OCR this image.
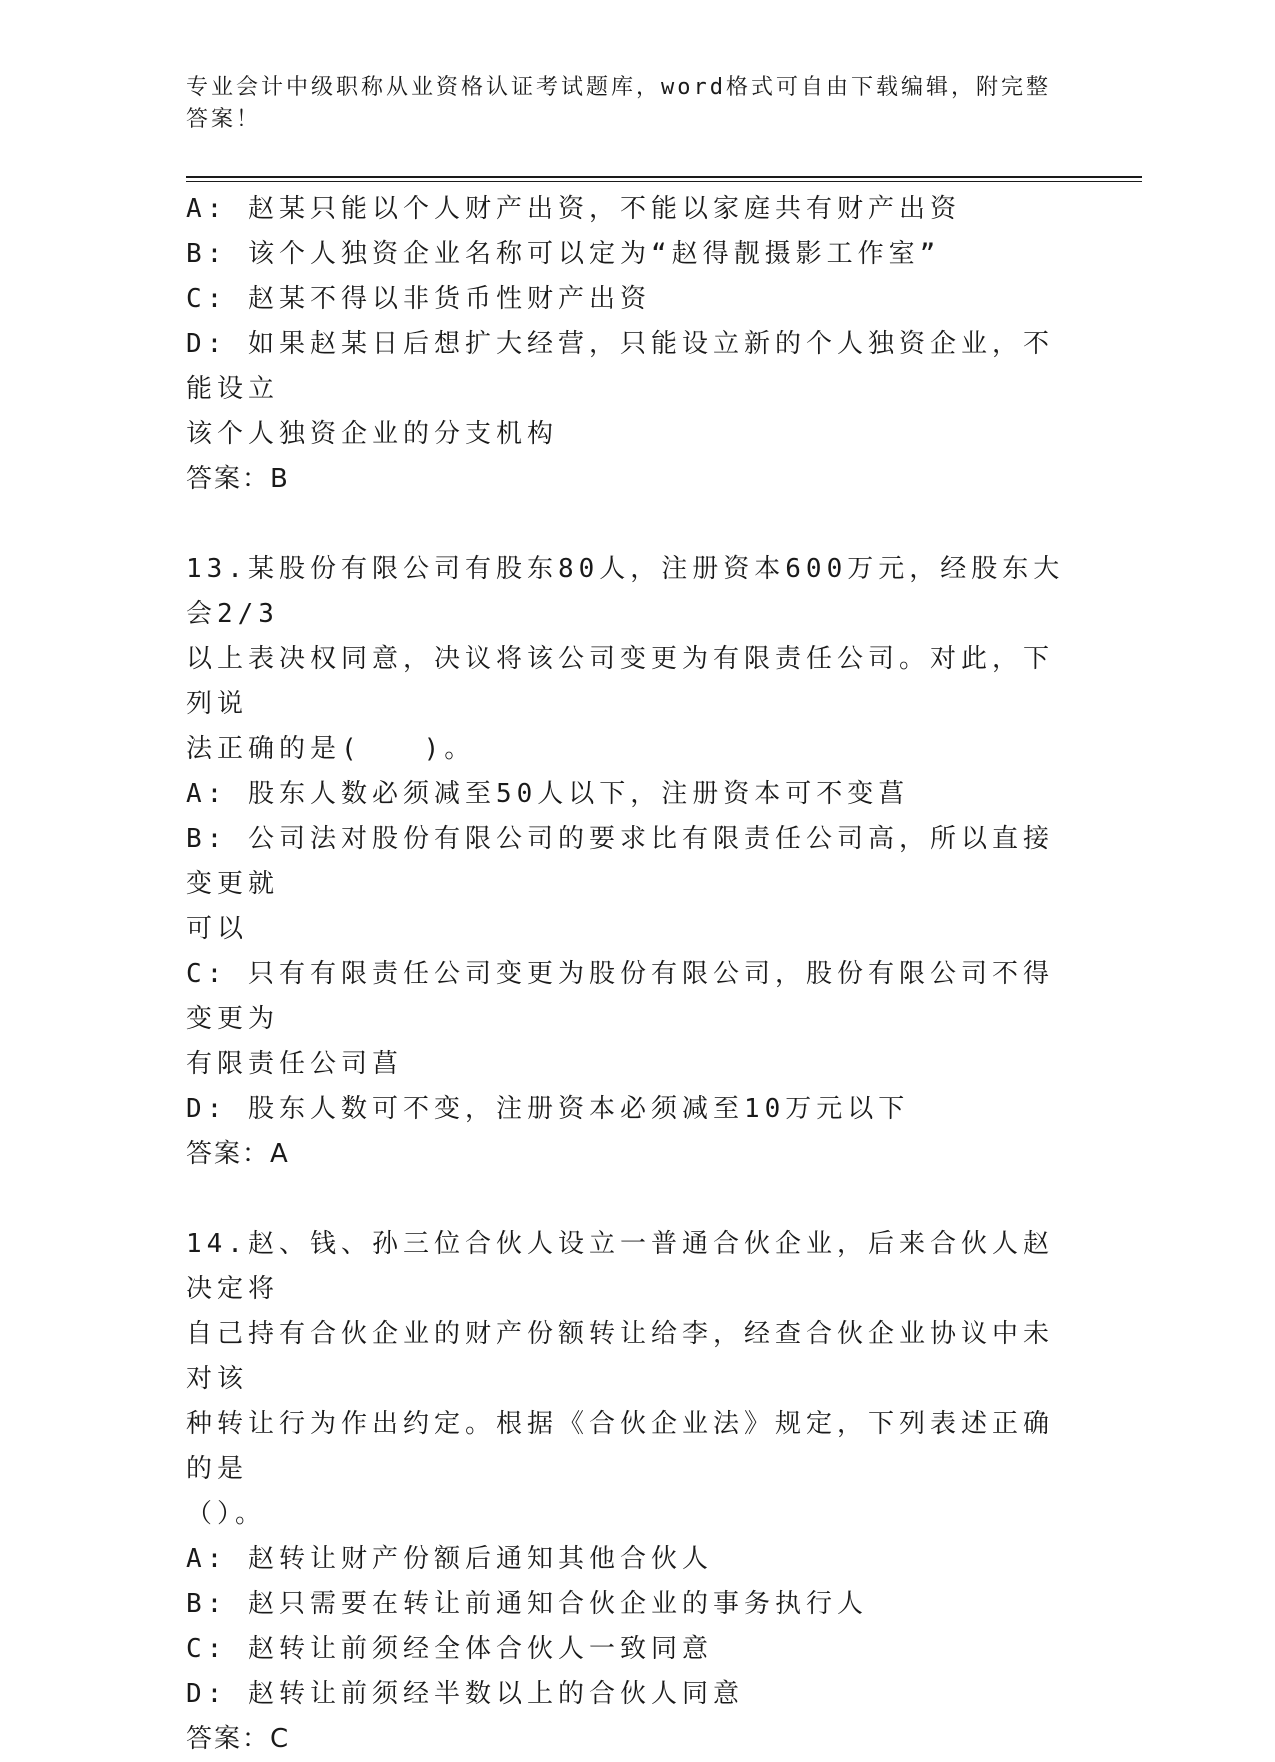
专业会计中级职称从业资格认证考试题库，word格式可自由下载编辑，附完整答案！
A: 赵某只能以个人财产出资，不能以家庭共有财产出资
B: 该个人独资企业名称可以定为“赵得靓摄影工作室”
C: 赵某不得以非货币性财产出资
D: 如果赵某日后想扩大经营，只能设立新的个人独资企业，不能设立
该个人独资企业的分支机构
答案：B
13.某股份有限公司有股东80人，注册资本600万元，经股东大会2/3
以上表决权同意，决议将该公司变更为有限责任公司。对此，下列说
法正确的是(　　)。
A: 股东人数必须减至50人以下，注册资本可不变菖
B: 公司法对股份有限公司的要求比有限责任公司高，所以直接变更就
可以
C: 只有有限责任公司变更为股份有限公司，股份有限公司不得变更为
有限责任公司菖
D: 股东人数可不变，注册资本必须减至10万元以下
答案：A
14.赵、钱、孙三位合伙人设立一普通合伙企业，后来合伙人赵决定将
自己持有合伙企业的财产份额转让给李，经查合伙企业协议中未对该
种转让行为作出约定。根据《合伙企业法》规定，下列表述正确的是
（）。
A: 赵转让财产份额后通知其他合伙人
B: 赵只需要在转让前通知合伙企业的事务执行人
C: 赵转让前须经全体合伙人一致同意
D: 赵转让前须经半数以上的合伙人同意
答案：C
